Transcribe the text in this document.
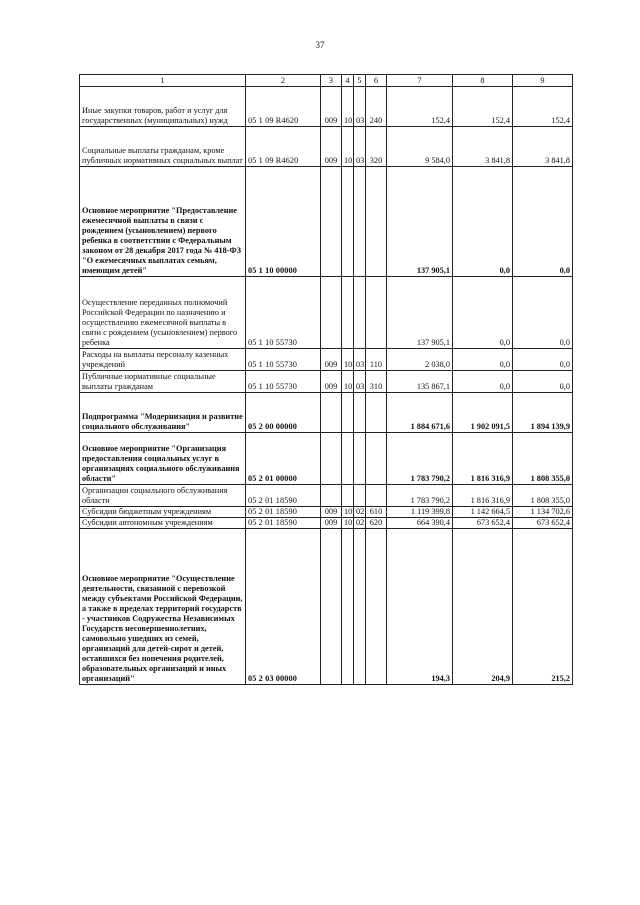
37
1	2	3	4	5	6	7	8	9
Иные закупки товаров, работ и услуг для государственных (муниципальных) нужд	05 1 09 R4620	009	10	03	240	152,4	152,4	152,4
Социальные выплаты гражданам, кроме публичных нормативных социальных выплат	05 1 09 R4620	009	10	03	320	9 584,0	3 841,8	3 841,8
Основное мероприятие "Предоставление ежемесячной выплаты в связи с рождением (усыновлением) первого ребенка в соответствии с Федеральным законом от 28 декабря 2017 года № 418-ФЗ "О ежемесячных выплатах семьям, имеющим детей"	05 1 10 00000					137 905,1	0,0	0,0
Осуществление переданных полномочий Российской Федерации по назначению и осуществлению ежемесячной выплаты в связи с рождением (усыновлением) первого ребенка	05 1 10 55730					137 905,1	0,0	0,0
Расходы на выплаты персоналу казенных учреждений	05 1 10 55730	009	10	03	110	2 038,0	0,0	0,0
Публичные нормативные социальные выплаты гражданам	05 1 10 55730	009	10	03	310	135 867,1	0,0	0,0
Подпрограмма "Модернизация и развитие социального обслуживания"	05 2 00 00000					1 884 671,6	1 902 091,5	1 894 139,9
Основное мероприятие "Организация предоставления социальных услуг в организациях социального обслуживания области"	05 2 01 00000					1 783 790,2	1 816 316,9	1 808 355,0
Организации социального обслуживания области	05 2 01 18590					1 783 790,2	1 816 316,9	1 808 355,0
Субсидии бюджетным учреждениям	05 2 01 18590	009	10	02	610	1 119 399,8	1 142 664,5	1 134 702,6
Субсидии автономным учреждениям	05 2 01 18590	009	10	02	620	664 390,4	673 652,4	673 652,4
Основное мероприятие "Осуществление деятельности, связанной с перевозкой между субъектами Российской Федерации, а также в пределах территорий государств - участников Содружества Независимых Государств несовершеннолетних, самовольно ушедших из семей, организаций для детей-сирот и детей, оставшихся без попечения родителей, образовательных организаций и иных организаций"	05 2 03 00000					194,3	204,9	215,2
